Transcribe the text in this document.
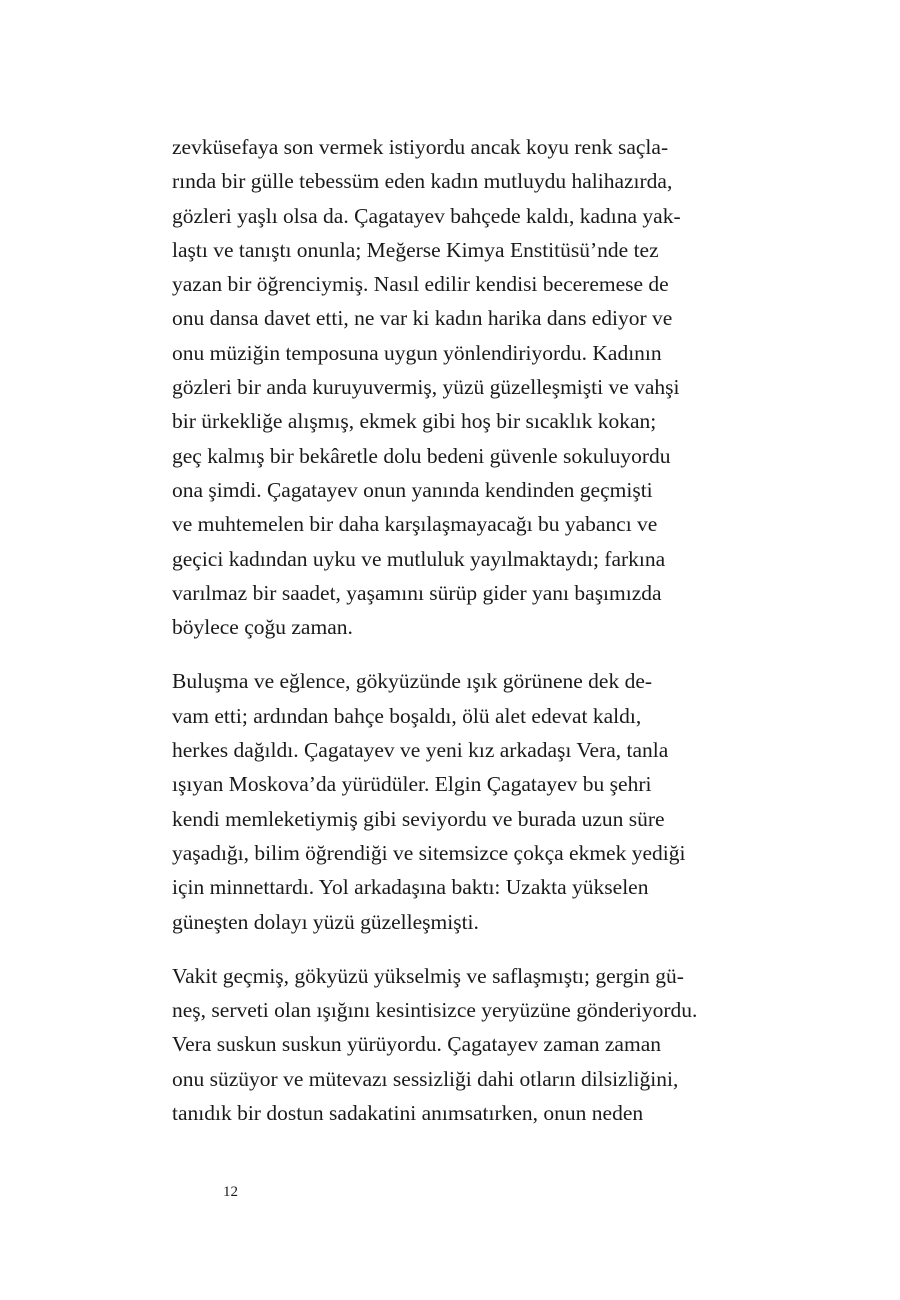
zevküsefaya son vermek istiyordu ancak koyu renk saçla-
rında bir gülle tebessüm eden kadın mutluydu halihazırda,
gözleri yaşlı olsa da. Çagatayev bahçede kaldı, kadına yak-
laştı ve tanıştı onunla; Meğerse Kimya Enstitüsü’nde tez
yazan bir öğrenciymiş. Nasıl edilir kendisi beceremese de
onu dansa davet etti, ne var ki kadın harika dans ediyor ve
onu müziğin temposuna uygun yönlendiriyordu. Kadının
gözleri bir anda kuruyuvermiş, yüzü güzelleşmişti ve vahşi
bir ürkekliğe alışmış, ekmek gibi hoş bir sıcaklık kokan;
geç kalmış bir bekâretle dolu bedeni güvenle sokuluyordu
ona şimdi. Çagatayev onun yanında kendinden geçmişti
ve muhtemelen bir daha karşılaşmayacağı bu yabancı ve
geçici kadından uyku ve mutluluk yayılmaktaydı; farkına
varılmaz bir saadet, yaşamını sürüp gider yanı başımızda
böylece çoğu zaman.

Buluşma ve eğlence, gökyüzünde ışık görünene dek de-
vam etti; ardından bahçe boşaldı, ölü alet edevat kaldı,
herkes dağıldı. Çagatayev ve yeni kız arkadaşı Vera, tanla
ışıyan Moskova’da yürüdüler. Elgin Çagatayev bu şehri
kendi memleketiymiş gibi seviyordu ve burada uzun süre
yaşadığı, bilim öğrendiği ve sitemsizce çokça ekmek yediği
için minnettardı. Yol arkadaşına baktı: Uzakta yükselen
güneşten dolayı yüzü güzelleşmişti.

Vakit geçmiş, gökyüzü yükselmiş ve saflaşmıştı; gergin gü-
neş, serveti olan ışığını kesintisizce yeryüzüne gönderiyordu.
Vera suskun suskun yürüyordu. Çagatayev zaman zaman
onu süzüyor ve mütevazı sessizliği dahi otların dilsizliğini,
tanıdık bir dostun sadakatini anımsatırken, onun neden

12
